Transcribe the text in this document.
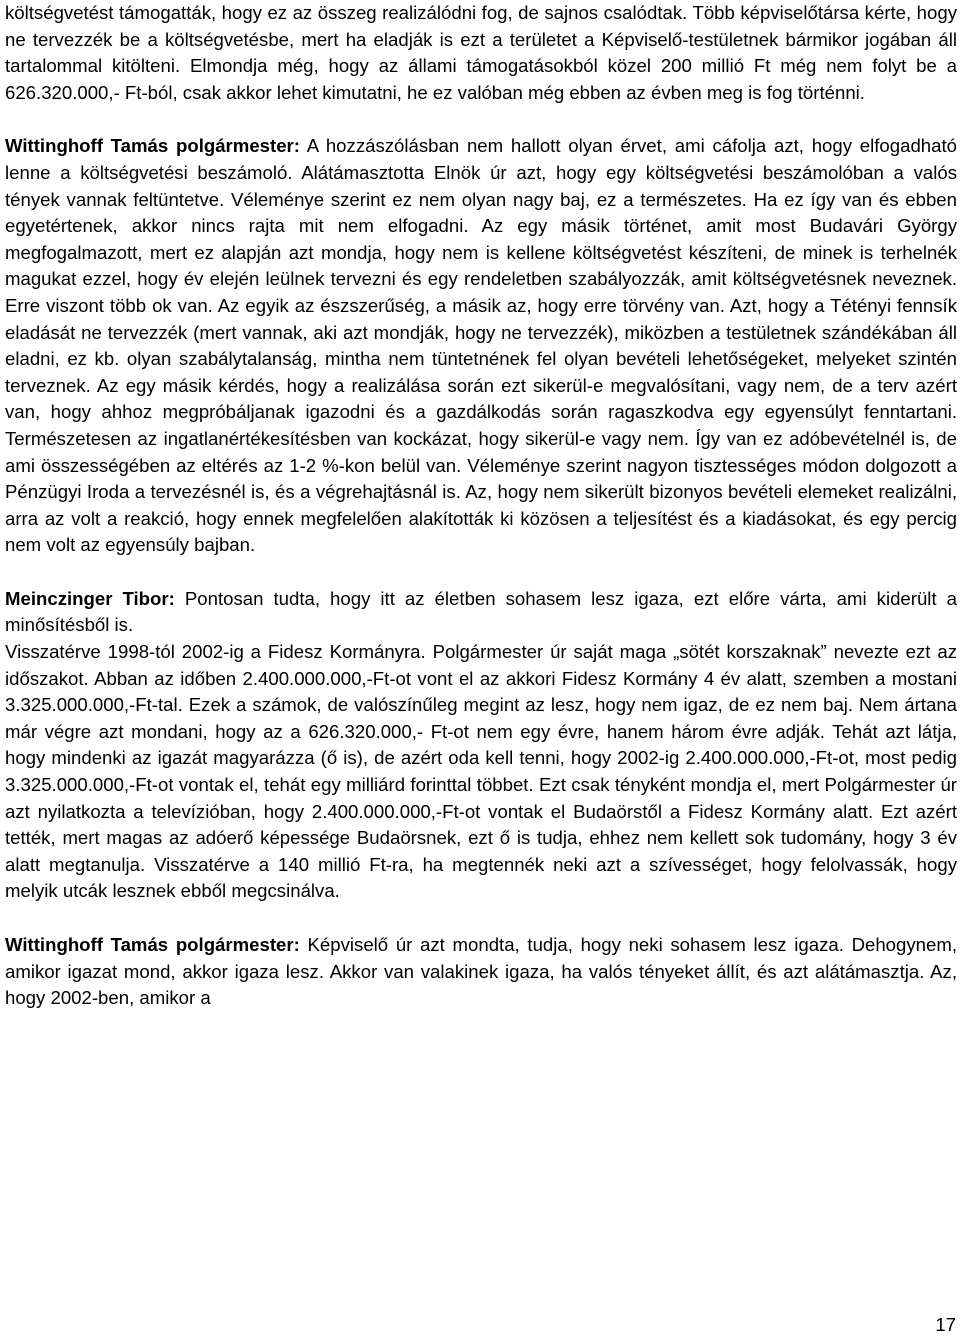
költségvetést támogatták, hogy ez az összeg realizálódni fog, de sajnos csalódtak. Több képviselőtársa kérte, hogy ne tervezzék be a költségvetésbe, mert ha eladják is ezt a területet a Képviselő-testületnek bármikor jogában áll tartalommal kitölteni. Elmondja még, hogy az állami támogatásokból közel 200 millió Ft még nem folyt be a 626.320.000,- Ft-ból, csak akkor lehet kimutatni, he ez valóban még ebben az évben meg is fog történni.

Wittinghoff Tamás polgármester: A hozzászólásban nem hallott olyan érvet, ami cáfolja azt, hogy elfogadható lenne a költségvetési beszámoló. Alátámasztotta Elnök úr azt, hogy egy költségvetési beszámolóban a valós tények vannak feltüntetve. Véleménye szerint ez nem olyan nagy baj, ez a természetes. Ha ez így van és ebben egyetértenek, akkor nincs rajta mit nem elfogadni. Az egy másik történet, amit most Budavári György megfogalmazott, mert ez alapján azt mondja, hogy nem is kellene költségvetést készíteni, de minek is terhelnék magukat ezzel, hogy év elején leülnek tervezni és egy rendeletben szabályozzák, amit költségvetésnek neveznek. Erre viszont több ok van. Az egyik az észszerűség, a másik az, hogy erre törvény van. Azt, hogy a Tétényi fennsík eladását ne tervezzék (mert vannak, aki azt mondják, hogy ne tervezzék), miközben a testületnek szándékában áll eladni, ez kb. olyan szabálytalanság, mintha nem tüntetnének fel olyan bevételi lehetőségeket, melyeket szintén terveznek. Az egy másik kérdés, hogy a realizálása során ezt sikerül-e megvalósítani, vagy nem, de a terv azért van, hogy ahhoz megpróbáljanak igazodni és a gazdálkodás során ragaszkodva egy egyensúlyt fenntartani. Természetesen az ingatlanértékesítésben van kockázat, hogy sikerül-e vagy nem. Így van ez adóbevételnél is, de ami összességében az eltérés az 1-2 %-kon belül van. Véleménye szerint nagyon tisztességes módon dolgozott a Pénzügyi Iroda a tervezésnél is, és a végrehajtásnál is. Az, hogy nem sikerült bizonyos bevételi elemeket realizálni, arra az volt a reakció, hogy ennek megfelelően alakították ki közösen a teljesítést és a kiadásokat, és egy percig nem volt az egyensúly bajban.

Meinczinger Tibor: Pontosan tudta, hogy itt az életben sohasem lesz igaza, ezt előre várta, ami kiderült a minősítésből is.

Visszatérve 1998-tól 2002-ig a Fidesz Kormányra. Polgármester úr saját maga „sötét korszaknak” nevezte ezt az időszakot. Abban az időben 2.400.000.000,-Ft-ot vont el az akkori Fidesz Kormány 4 év alatt, szemben a mostani 3.325.000.000,-Ft-tal. Ezek a számok, de valószínűleg megint az lesz, hogy nem igaz, de ez nem baj. Nem ártana már végre azt mondani, hogy az a 626.320.000,- Ft-ot nem egy évre, hanem három évre adják. Tehát azt látja, hogy mindenki az igazát magyarázza (ő is), de azért oda kell tenni, hogy 2002-ig 2.400.000.000,-Ft-ot, most pedig 3.325.000.000,-Ft-ot vontak el, tehát egy milliárd forinttal többet. Ezt csak tényként mondja el, mert Polgármester úr azt nyilatkozta a televízióban, hogy 2.400.000.000,-Ft-ot vontak el Budaörstől a Fidesz Kormány alatt. Ezt azért tették, mert magas az adóerő képessége Budaörsnek, ezt ő is tudja, ehhez nem kellett sok tudomány, hogy 3 év alatt megtanulja. Visszatérve a 140 millió Ft-ra, ha megtennék neki azt a szívességet, hogy felolvassák, hogy melyik utcák lesznek ebből megcsinálva.

Wittinghoff Tamás polgármester: Képviselő úr azt mondta, tudja, hogy neki sohasem lesz igaza. Dehogynem, amikor igazat mond, akkor igaza lesz. Akkor van valakinek igaza, ha valós tényeket állít, és azt alátámasztja. Az, hogy 2002-ben, amikor a

17
